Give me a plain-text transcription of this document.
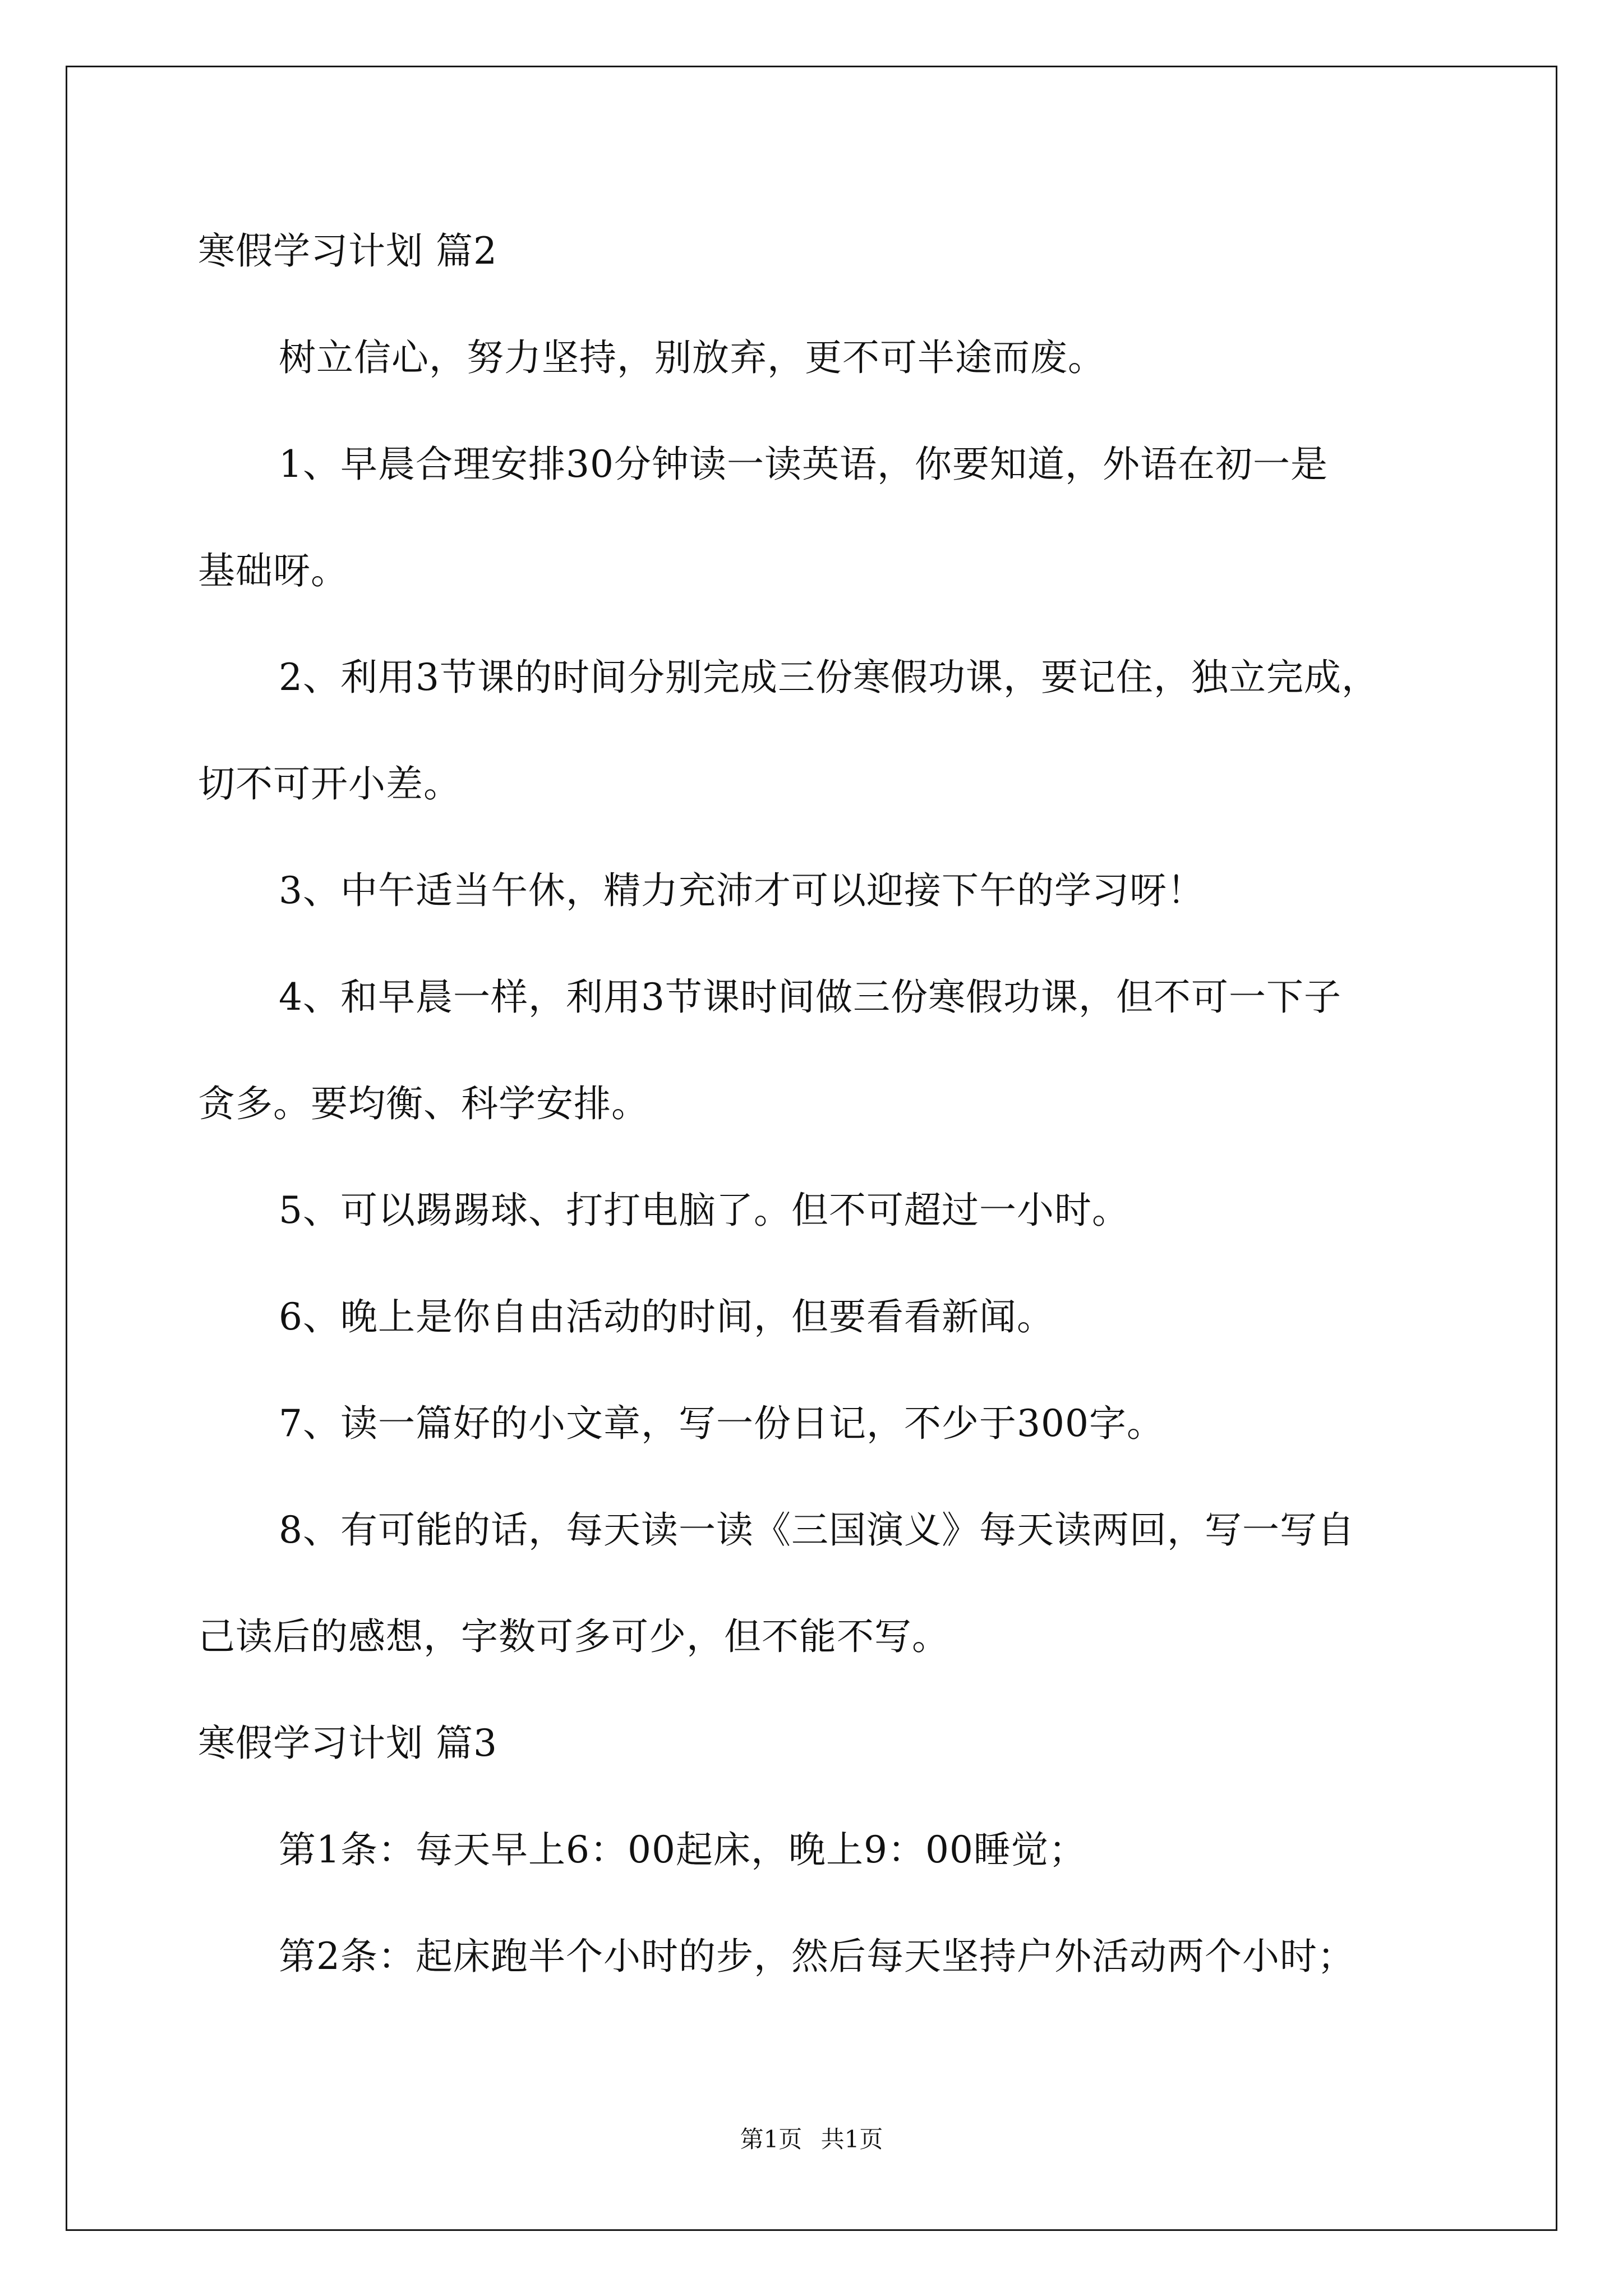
寒假学习计划 篇2
树立信心，努力坚持，别放弃，更不可半途而废。
1、早晨合理安排30分钟读一读英语，你要知道，外语在初一是
基础呀。
2、利用3节课的时间分别完成三份寒假功课，要记住，独立完成，
切不可开小差。
3、中午适当午休，精力充沛才可以迎接下午的学习呀！
4、和早晨一样，利用3节课时间做三份寒假功课，但不可一下子
贪多。要均衡、科学安排。
5、可以踢踢球、打打电脑了。但不可超过一小时。
6、晚上是你自由活动的时间，但要看看新闻。
7、读一篇好的小文章，写一份日记，不少于300字。
8、有可能的话，每天读一读《三国演义》每天读两回，写一写自
己读后的感想，字数可多可少，但不能不写。
寒假学习计划 篇3
第1条：每天早上6：00起床，晚上9：00睡觉；
第2条：起床跑半个小时的步，然后每天坚持户外活动两个小时；
第1页 共1页
